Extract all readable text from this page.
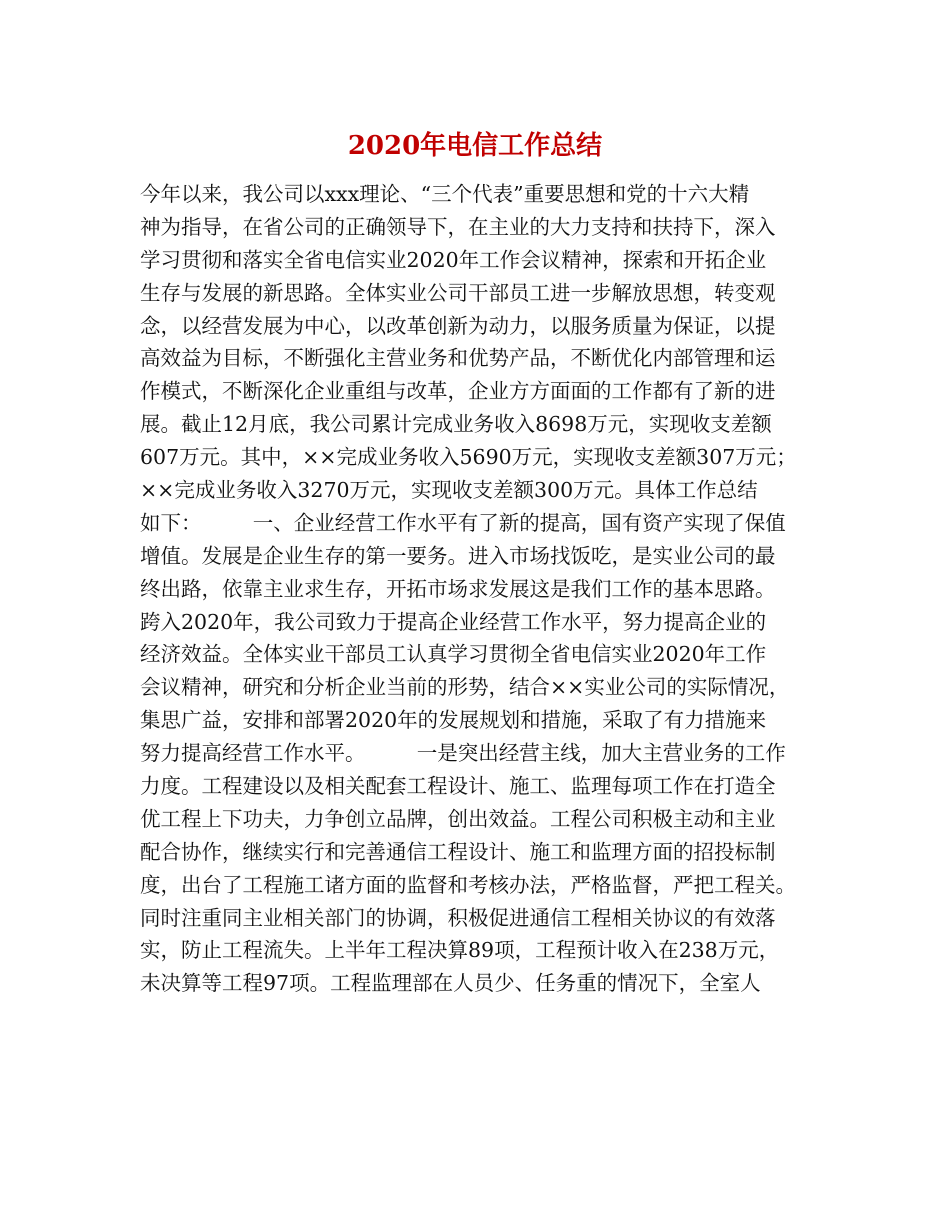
2020年电信工作总结
今年以来，我公司以xxx理论、“三个代表”重要思想和党的十六大精
神为指导，在省公司的正确领导下，在主业的大力支持和扶持下，深入
学习贯彻和落实全省电信实业2020年工作会议精神，探索和开拓企业
生存与发展的新思路。全体实业公司干部员工进一步解放思想，转变观
念，以经营发展为中心，以改革创新为动力，以服务质量为保证，以提
高效益为目标，不断强化主营业务和优势产品，不断优化内部管理和运
作模式，不断深化企业重组与改革，企业方方面面的工作都有了新的进
展。截止12月底，我公司累计完成业务收入8698万元，实现收支差额
607万元。其中，××完成业务收入5690万元，实现收支差额307万元；
××完成业务收入3270万元，实现收支差额300万元。具体工作总结
如下：　　　一、企业经营工作水平有了新的提高，国有资产实现了保值
增值。发展是企业生存的第一要务。进入市场找饭吃，是实业公司的最
终出路，依靠主业求生存，开拓市场求发展这是我们工作的基本思路。
跨入2020年，我公司致力于提高企业经营工作水平，努力提高企业的
经济效益。全体实业干部员工认真学习贯彻全省电信实业2020年工作
会议精神，研究和分析企业当前的形势，结合××实业公司的实际情况，
集思广益，安排和部署2020年的发展规划和措施，采取了有力措施来
努力提高经营工作水平。　　　一是突出经营主线，加大主营业务的工作
力度。工程建设以及相关配套工程设计、施工、监理每项工作在打造全
优工程上下功夫，力争创立品牌，创出效益。工程公司积极主动和主业
配合协作，继续实行和完善通信工程设计、施工和监理方面的招投标制
度，出台了工程施工诸方面的监督和考核办法，严格监督，严把工程关。
同时注重同主业相关部门的协调，积极促进通信工程相关协议的有效落
实，防止工程流失。上半年工程决算89项，工程预计收入在238万元，
未决算等工程97项。工程监理部在人员少、任务重的情况下，全室人
